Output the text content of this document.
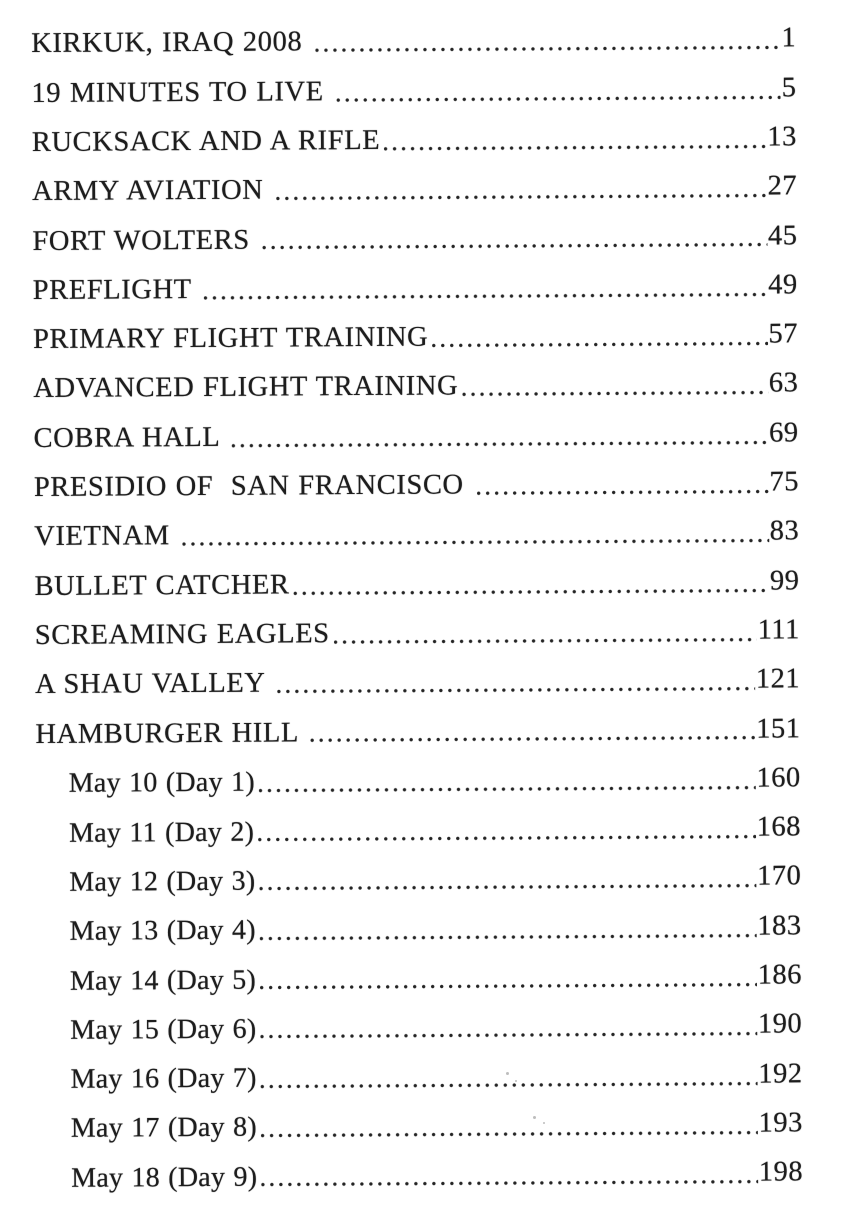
KIRKUK, IRAQ 2008	1
19 MINUTES TO LIVE	5
RUCKSACK AND A RIFLE	13
ARMY AVIATION	27
FORT WOLTERS	45
PREFLIGHT	49
PRIMARY FLIGHT TRAINING	57
ADVANCED FLIGHT TRAINING	63
COBRA HALL	69
PRESIDIO OF  SAN FRANCISCO	75
VIETNAM	83
BULLET CATCHER	99
SCREAMING EAGLES	111
A SHAU VALLEY	121
HAMBURGER HILL	151
May 10 (Day 1)	160
May 11 (Day 2)	168
May 12 (Day 3)	170
May 13 (Day 4)	183
May 14 (Day 5)	186
May 15 (Day 6)	190
May 16 (Day 7)	192
May 17 (Day 8)	193
May 18 (Day 9)	198
